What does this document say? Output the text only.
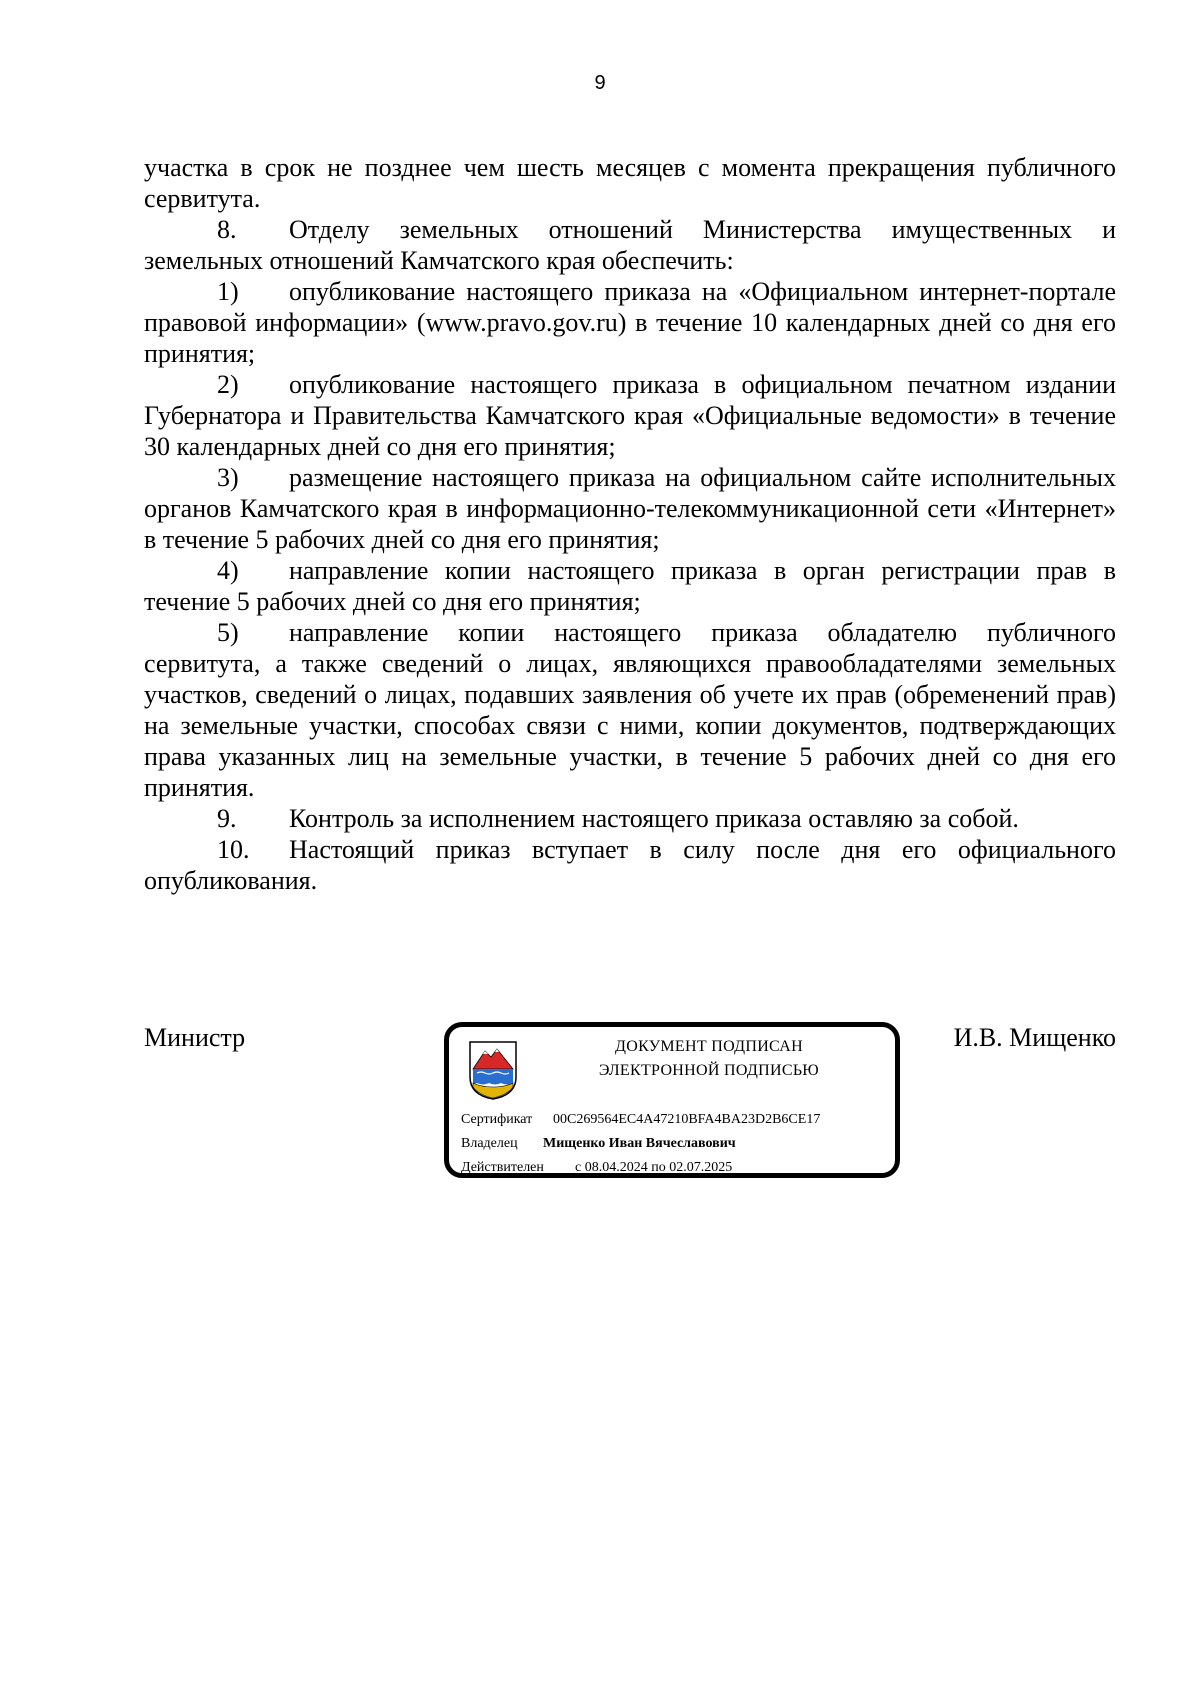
9

участка в срок не позднее чем шесть месяцев с момента прекращения публичного сервитута.

8. Отделу земельных отношений Министерства имущественных и земельных отношений Камчатского края обеспечить:

1) опубликование настоящего приказа на «Официальном интернет-портале правовой информации» (www.pravo.gov.ru) в течение 10 календарных дней со дня его принятия;

2) опубликование настоящего приказа в официальном печатном издании Губернатора и Правительства Камчатского края «Официальные ведомости» в течение 30 календарных дней со дня его принятия;

3) размещение настоящего приказа на официальном сайте исполнительных органов Камчатского края в информационно-телекоммуникационной сети «Интернет» в течение 5 рабочих дней со дня его принятия;

4) направление копии настоящего приказа в орган регистрации прав в течение 5 рабочих дней со дня его принятия;

5) направление копии настоящего приказа обладателю публичного сервитута, а также сведений о лицах, являющихся правообладателями земельных участков, сведений о лицах, подавших заявления об учете их прав (обременений прав) на земельные участки, способах связи с ними, копии документов, подтверждающих права указанных лиц на земельные участки, в течение 5 рабочих дней со дня его принятия.

9. Контроль за исполнением настоящего приказа оставляю за собой.

10. Настоящий приказ вступает в силу после дня его официального опубликования.

Министр	И.В. Мищенко
ДОКУМЕНТ ПОДПИСАН
ЭЛЕКТРОННОЙ ПОДПИСЬЮ
Сертификат 00C269564EC4A47210BFA4BA23D2B6CE17
Владелец Мищенко Иван Вячеславович
Действителен с 08.04.2024 по 02.07.2025
